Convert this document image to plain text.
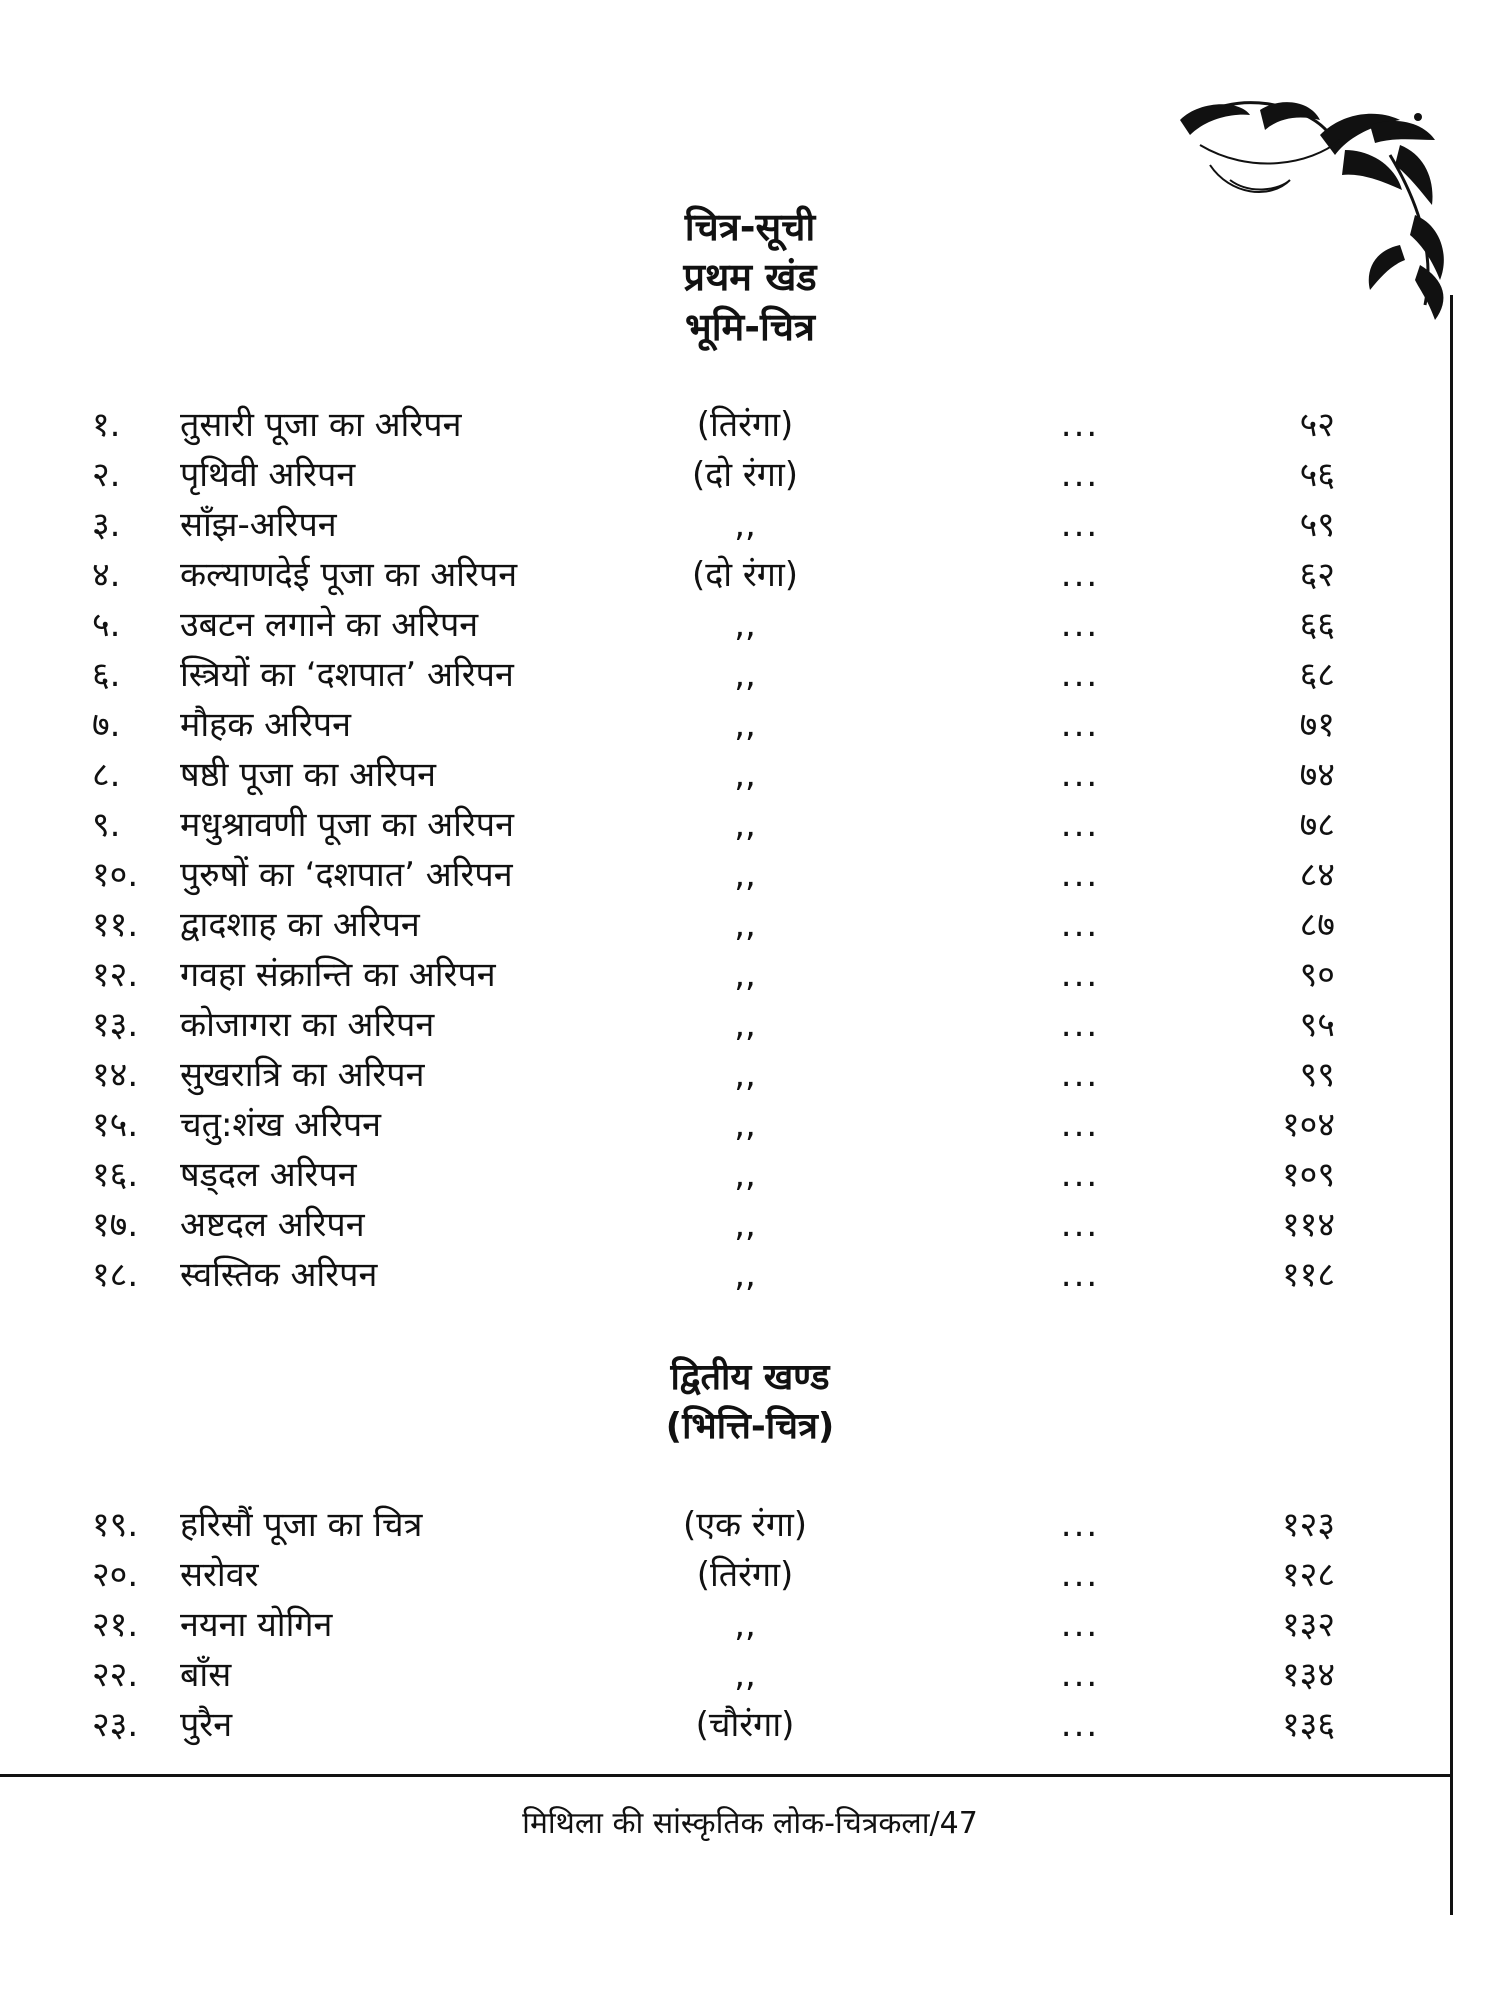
चित्र-सूची
प्रथम खंड
भूमि-चित्र
१. तुसारी पूजा का अरिपन	(तिरंगा)	...	५२
२. पृथिवी अरिपन	(दो रंगा)	...	५६
३. साँझ-अरिपन	,,	...	५९
४. कल्याणदेई पूजा का अरिपन	(दो रंगा)	...	६२
५. उबटन लगाने का अरिपन	,,	...	६६
६. स्त्रियों का ‘दशपात’ अरिपन	,,	...	६८
७. मौहक अरिपन	,,	...	७१
८. षष्ठी पूजा का अरिपन	,,	...	७४
९. मधुश्रावणी पूजा का अरिपन	,,	...	७८
१०. पुरुषों का ‘दशपात’ अरिपन	,,	...	८४
११. द्वादशाह का अरिपन	,,	...	८७
१२. गवहा संक्रान्ति का अरिपन	,,	...	९०
१३. कोजागरा का अरिपन	,,	...	९५
१४. सुखरात्रि का अरिपन	,,	...	९९
१५. चतु:शंख अरिपन	,,	...	१०४
१६. षड्दल अरिपन	,,	...	१०९
१७. अष्टदल अरिपन	,,	...	११४
१८. स्वस्तिक अरिपन	,,	...	११८
द्वितीय खण्ड
(भित्ति-चित्र)
१९. हरिसौं पूजा का चित्र	(एक रंगा)	...	१२३
२०. सरोवर	(तिरंगा)	...	१२८
२१. नयना योगिन	,,	...	१३२
२२. बाँस	,,	...	१३४
२३. पुरैन	(चौरंगा)	...	१३६
मिथिला की सांस्कृतिक लोक-चित्रकला/47
